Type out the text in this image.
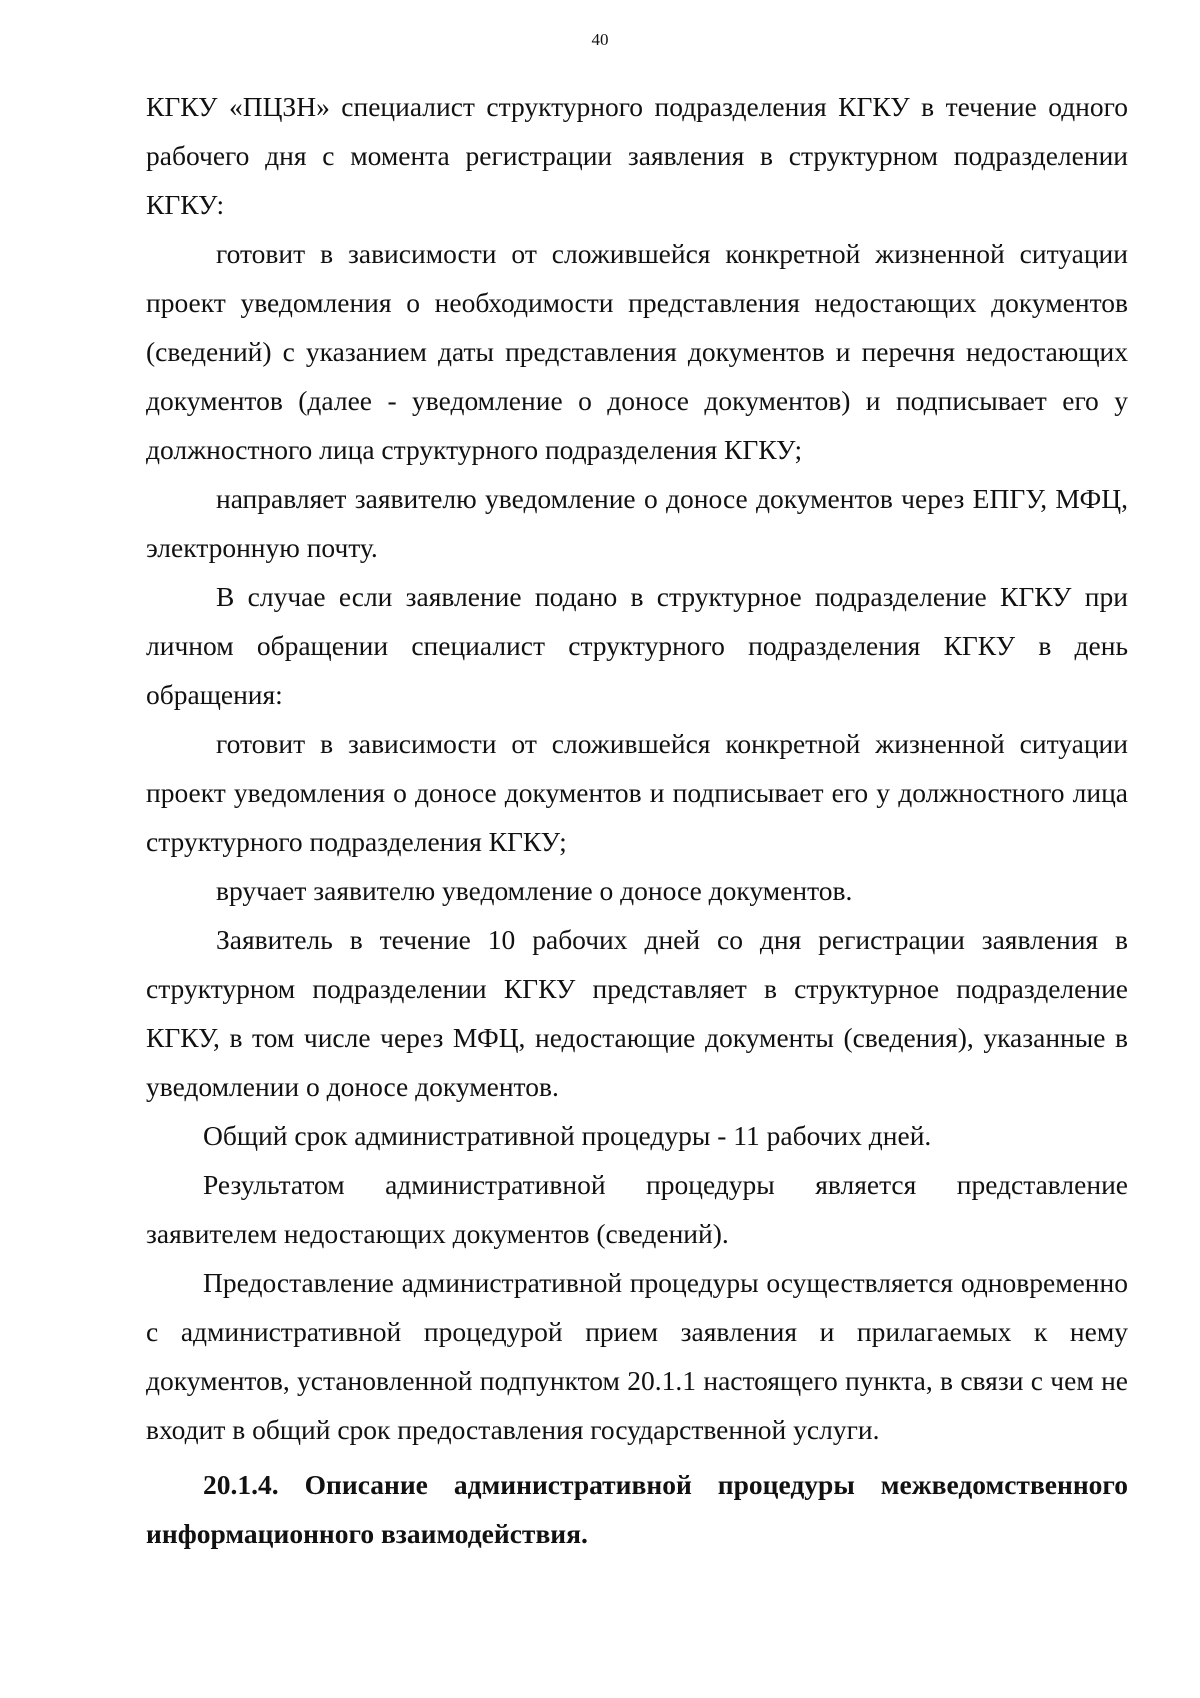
40

КГКУ «ПЦЗН» специалист структурного подразделения КГКУ в течение одного рабочего дня с момента регистрации заявления в структурном подразделении КГКУ:

готовит в зависимости от сложившейся конкретной жизненной ситуации проект уведомления о необходимости представления недостающих документов (сведений) с указанием даты представления документов и перечня недостающих документов (далее - уведомление о доносе документов) и подписывает его у должностного лица структурного подразделения КГКУ;

направляет заявителю уведомление о доносе документов через ЕПГУ, МФЦ, электронную почту.

В случае если заявление подано в структурное подразделение КГКУ при личном обращении специалист структурного подразделения КГКУ в день обращения:

готовит в зависимости от сложившейся конкретной жизненной ситуации проект уведомления о доносе документов и подписывает его у должностного лица структурного подразделения КГКУ;

вручает заявителю уведомление о доносе документов.

Заявитель в течение 10 рабочих дней со дня регистрации заявления в структурном подразделении КГКУ представляет в структурное подразделение КГКУ, в том числе через МФЦ, недостающие документы (сведения), указанные в уведомлении о доносе документов.

Общий срок административной процедуры - 11 рабочих дней.

Результатом административной процедуры является представление заявителем недостающих документов (сведений).

Предоставление административной процедуры осуществляется одновременно с административной процедурой прием заявления и прилагаемых к нему документов, установленной подпунктом 20.1.1 настоящего пункта, в связи с чем не входит в общий срок предоставления государственной услуги.

20.1.4. Описание административной процедуры межведомственного информационного взаимодействия.
